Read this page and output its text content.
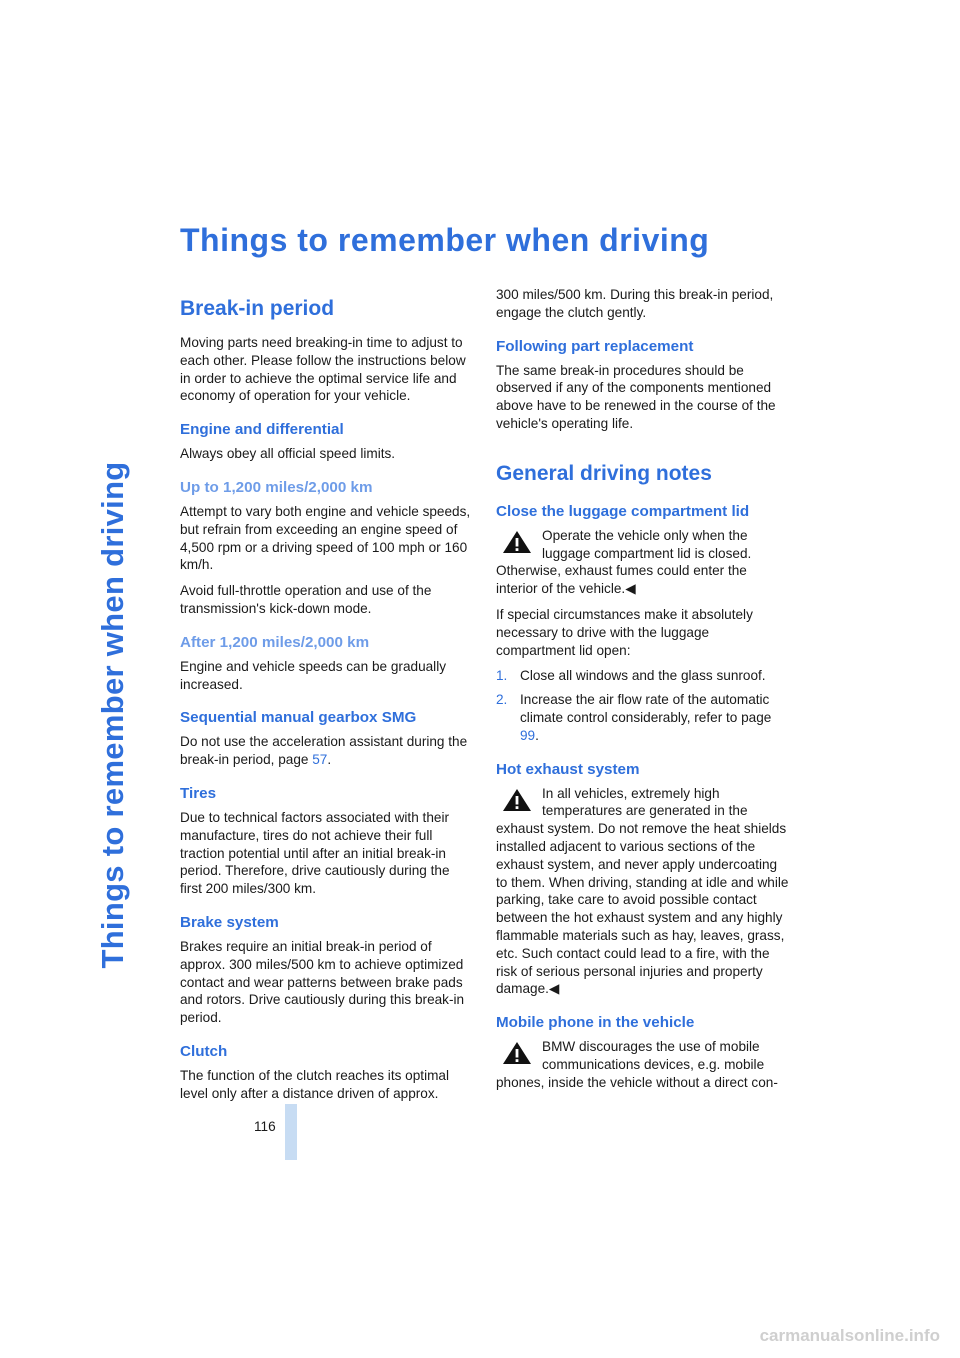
Things to remember when driving
Things to remember when driving
Break-in period

Moving parts need breaking-in time to adjust to each other. Please follow the instructions below in order to achieve the optimal service life and economy of operation for your vehicle.

Engine and differential

Always obey all official speed limits.

Up to 1,200 miles/2,000 km

Attempt to vary both engine and vehicle speeds, but refrain from exceeding an engine speed of 4,500 rpm or a driving speed of 100 mph or 160 km/h.

Avoid full-throttle operation and use of the transmission's kick-down mode.

After 1,200 miles/2,000 km

Engine and vehicle speeds can be gradually increased.

Sequential manual gearbox SMG

Do not use the acceleration assistant during the break-in period, page 57.

Tires

Due to technical factors associated with their manufacture, tires do not achieve their full traction potential until after an initial break-in period. Therefore, drive cautiously during the first 200 miles/300 km.

Brake system

Brakes require an initial break-in period of approx. 300 miles/500 km to achieve optimized contact and wear patterns between brake pads and rotors. Drive cautiously during this break-in period.

Clutch

The function of the clutch reaches its optimal level only after a distance driven of approx.

300 miles/500 km. During this break-in period, engage the clutch gently.

Following part replacement

The same break-in procedures should be observed if any of the components mentioned above have to be renewed in the course of the vehicle's operating life.

General driving notes
Close the luggage compartment lid
Operate the vehicle only when the luggage compartment lid is closed. Otherwise, exhaust fumes could enter the interior of the vehicle.◀

If special circumstances make it absolutely necessary to drive with the luggage compartment lid open:

1. Close all windows and the glass sunroof.
2. Increase the air flow rate of the automatic climate control considerably, refer to page 99.
Hot exhaust system
In all vehicles, extremely high temperatures are generated in the exhaust system. Do not remove the heat shields installed adjacent to various sections of the exhaust system, and never apply undercoating to them. When driving, standing at idle and while parking, take care to avoid possible contact between the hot exhaust system and any highly flammable materials such as hay, leaves, grass, etc. Such contact could lead to a fire, with the risk of serious personal injuries and property damage.◀
Mobile phone in the vehicle
BMW discourages the use of mobile communications devices, e.g. mobile phones, inside the vehicle without a direct con-
116
carmanualsonline.info
